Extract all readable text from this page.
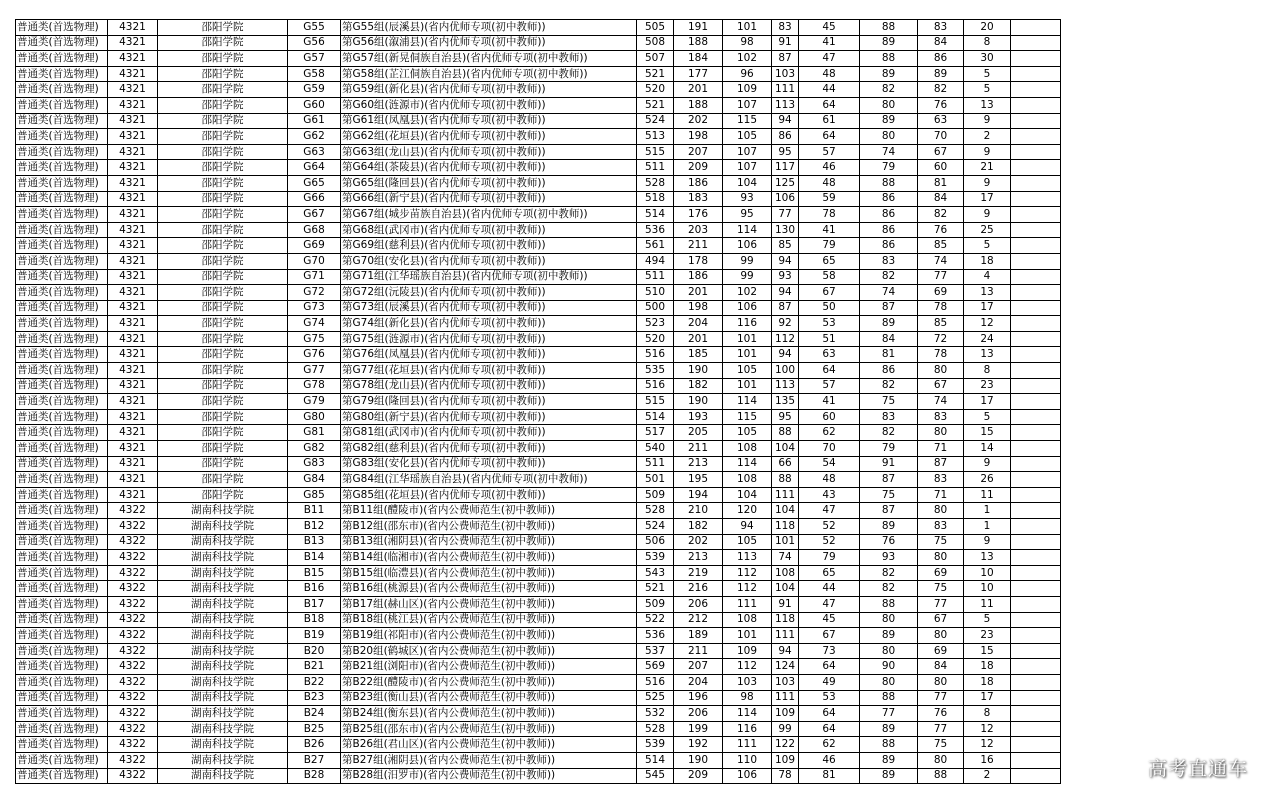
普通类(首选物理)	4321	邵阳学院	G55	第G55组(辰溪县)(省内优师专项(初中教师))	505	191	101	83	45	88	83	20	
普通类(首选物理)	4321	邵阳学院	G56	第G56组(溆浦县)(省内优师专项(初中教师))	508	188	98	91	41	89	84	8	
普通类(首选物理)	4321	邵阳学院	G57	第G57组(新晃侗族自治县)(省内优师专项(初中教师))	507	184	102	87	47	88	86	30	
普通类(首选物理)	4321	邵阳学院	G58	第G58组(芷江侗族自治县)(省内优师专项(初中教师))	521	177	96	103	48	89	89	5	
普通类(首选物理)	4321	邵阳学院	G59	第G59组(新化县)(省内优师专项(初中教师))	520	201	109	111	44	82	82	5	
普通类(首选物理)	4321	邵阳学院	G60	第G60组(涟源市)(省内优师专项(初中教师))	521	188	107	113	64	80	76	13	
普通类(首选物理)	4321	邵阳学院	G61	第G61组(凤凰县)(省内优师专项(初中教师))	524	202	115	94	61	89	63	9	
普通类(首选物理)	4321	邵阳学院	G62	第G62组(花垣县)(省内优师专项(初中教师))	513	198	105	86	64	80	70	2	
普通类(首选物理)	4321	邵阳学院	G63	第G63组(龙山县)(省内优师专项(初中教师))	515	207	107	95	57	74	67	9	
普通类(首选物理)	4321	邵阳学院	G64	第G64组(茶陵县)(省内优师专项(初中教师))	511	209	107	117	46	79	60	21	
普通类(首选物理)	4321	邵阳学院	G65	第G65组(隆回县)(省内优师专项(初中教师))	528	186	104	125	48	88	81	9	
普通类(首选物理)	4321	邵阳学院	G66	第G66组(新宁县)(省内优师专项(初中教师))	518	183	93	106	59	86	84	17	
普通类(首选物理)	4321	邵阳学院	G67	第G67组(城步苗族自治县)(省内优师专项(初中教师))	514	176	95	77	78	86	82	9	
普通类(首选物理)	4321	邵阳学院	G68	第G68组(武冈市)(省内优师专项(初中教师))	536	203	114	130	41	86	76	25	
普通类(首选物理)	4321	邵阳学院	G69	第G69组(慈利县)(省内优师专项(初中教师))	561	211	106	85	79	86	85	5	
普通类(首选物理)	4321	邵阳学院	G70	第G70组(安化县)(省内优师专项(初中教师))	494	178	99	94	65	83	74	18	
普通类(首选物理)	4321	邵阳学院	G71	第G71组(江华瑶族自治县)(省内优师专项(初中教师))	511	186	99	93	58	82	77	4	
普通类(首选物理)	4321	邵阳学院	G72	第G72组(沅陵县)(省内优师专项(初中教师))	510	201	102	94	67	74	69	13	
普通类(首选物理)	4321	邵阳学院	G73	第G73组(辰溪县)(省内优师专项(初中教师))	500	198	106	87	50	87	78	17	
普通类(首选物理)	4321	邵阳学院	G74	第G74组(新化县)(省内优师专项(初中教师))	523	204	116	92	53	89	85	12	
普通类(首选物理)	4321	邵阳学院	G75	第G75组(涟源市)(省内优师专项(初中教师))	520	201	101	112	51	84	72	24	
普通类(首选物理)	4321	邵阳学院	G76	第G76组(凤凰县)(省内优师专项(初中教师))	516	185	101	94	63	81	78	13	
普通类(首选物理)	4321	邵阳学院	G77	第G77组(花垣县)(省内优师专项(初中教师))	535	190	105	100	64	86	80	8	
普通类(首选物理)	4321	邵阳学院	G78	第G78组(龙山县)(省内优师专项(初中教师))	516	182	101	113	57	82	67	23	
普通类(首选物理)	4321	邵阳学院	G79	第G79组(隆回县)(省内优师专项(初中教师))	515	190	114	135	41	75	74	17	
普通类(首选物理)	4321	邵阳学院	G80	第G80组(新宁县)(省内优师专项(初中教师))	514	193	115	95	60	83	83	5	
普通类(首选物理)	4321	邵阳学院	G81	第G81组(武冈市)(省内优师专项(初中教师))	517	205	105	88	62	82	80	15	
普通类(首选物理)	4321	邵阳学院	G82	第G82组(慈利县)(省内优师专项(初中教师))	540	211	108	104	70	79	71	14	
普通类(首选物理)	4321	邵阳学院	G83	第G83组(安化县)(省内优师专项(初中教师))	511	213	114	66	54	91	87	9	
普通类(首选物理)	4321	邵阳学院	G84	第G84组(江华瑶族自治县)(省内优师专项(初中教师))	501	195	108	88	48	87	83	26	
普通类(首选物理)	4321	邵阳学院	G85	第G85组(花垣县)(省内优师专项(初中教师))	509	194	104	111	43	75	71	11	
普通类(首选物理)	4322	湖南科技学院	B11	第B11组(醴陵市)(省内公费师范生(初中教师))	528	210	120	104	47	87	80	1	
普通类(首选物理)	4322	湖南科技学院	B12	第B12组(邵东市)(省内公费师范生(初中教师))	524	182	94	118	52	89	83	1	
普通类(首选物理)	4322	湖南科技学院	B13	第B13组(湘阴县)(省内公费师范生(初中教师))	506	202	105	101	52	76	75	9	
普通类(首选物理)	4322	湖南科技学院	B14	第B14组(临湘市)(省内公费师范生(初中教师))	539	213	113	74	79	93	80	13	
普通类(首选物理)	4322	湖南科技学院	B15	第B15组(临澧县)(省内公费师范生(初中教师))	543	219	112	108	65	82	69	10	
普通类(首选物理)	4322	湖南科技学院	B16	第B16组(桃源县)(省内公费师范生(初中教师))	521	216	112	104	44	82	75	10	
普通类(首选物理)	4322	湖南科技学院	B17	第B17组(赫山区)(省内公费师范生(初中教师))	509	206	111	91	47	88	77	11	
普通类(首选物理)	4322	湖南科技学院	B18	第B18组(桃江县)(省内公费师范生(初中教师))	522	212	108	118	45	80	67	5	
普通类(首选物理)	4322	湖南科技学院	B19	第B19组(祁阳市)(省内公费师范生(初中教师))	536	189	101	111	67	89	80	23	
普通类(首选物理)	4322	湖南科技学院	B20	第B20组(鹤城区)(省内公费师范生(初中教师))	537	211	109	94	73	80	69	15	
普通类(首选物理)	4322	湖南科技学院	B21	第B21组(浏阳市)(省内公费师范生(初中教师))	569	207	112	124	64	90	84	18	
普通类(首选物理)	4322	湖南科技学院	B22	第B22组(醴陵市)(省内公费师范生(初中教师))	516	204	103	103	49	80	80	18	
普通类(首选物理)	4322	湖南科技学院	B23	第B23组(衡山县)(省内公费师范生(初中教师))	525	196	98	111	53	88	77	17	
普通类(首选物理)	4322	湖南科技学院	B24	第B24组(衡东县)(省内公费师范生(初中教师))	532	206	114	109	64	77	76	8	
普通类(首选物理)	4322	湖南科技学院	B25	第B25组(邵东市)(省内公费师范生(初中教师))	528	199	116	99	64	89	77	12	
普通类(首选物理)	4322	湖南科技学院	B26	第B26组(君山区)(省内公费师范生(初中教师))	539	192	111	122	62	88	75	12	
普通类(首选物理)	4322	湖南科技学院	B27	第B27组(湘阴县)(省内公费师范生(初中教师))	514	190	110	109	46	89	80	16	
普通类(首选物理)	4322	湖南科技学院	B28	第B28组(汨罗市)(省内公费师范生(初中教师))	545	209	106	78	81	89	88	2		高考直通车
